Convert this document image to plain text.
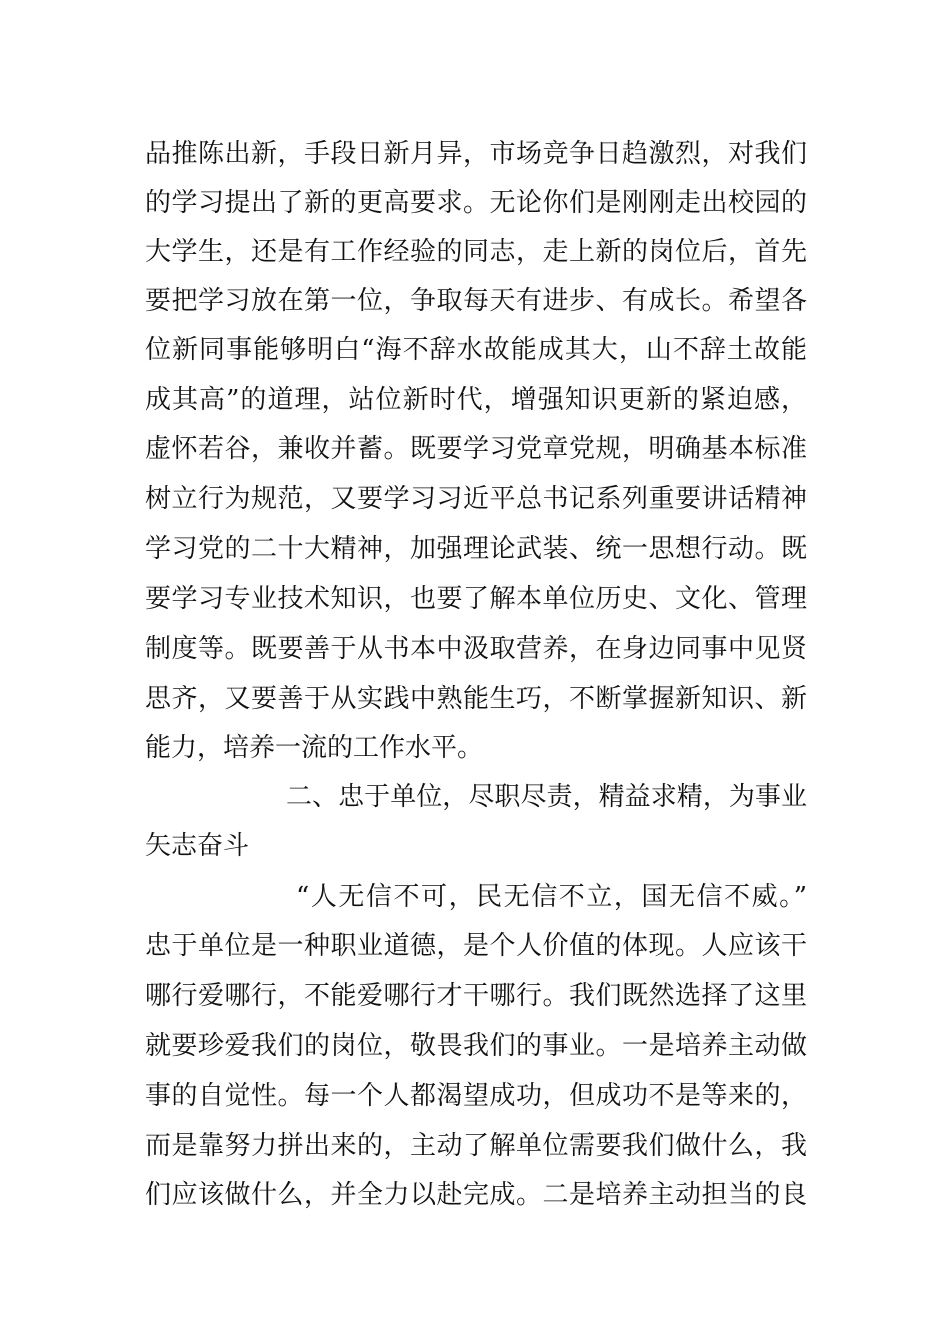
品推陈出新，手段日新月异，市场竞争日趋激烈，对我们
的学习提出了新的更高要求。无论你们是刚刚走出校园的
大学生，还是有工作经验的同志，走上新的岗位后，首先
要把学习放在第一位，争取每天有进步、有成长。希望各
位新同事能够明白“海不辞水故能成其大，山不辞土故能
成其高”的道理，站位新时代，增强知识更新的紧迫感，
虚怀若谷，兼收并蓄。既要学习党章党规，明确基本标准
树立行为规范，又要学习习近平总书记系列重要讲话精神
学习党的二十大精神，加强理论武装、统一思想行动。既
要学习专业技术知识，也要了解本单位历史、文化、管理
制度等。既要善于从书本中汲取营养，在身边同事中见贤
思齐，又要善于从实践中熟能生巧，不断掌握新知识、新
能力，培养一流的工作水平。
二、忠于单位，尽职尽责，精益求精，为事业
矢志奋斗
“人无信不可，民无信不立，国无信不威。”
忠于单位是一种职业道德，是个人价值的体现。人应该干
哪行爱哪行，不能爱哪行才干哪行。我们既然选择了这里
就要珍爱我们的岗位，敬畏我们的事业。一是培养主动做
事的自觉性。每一个人都渴望成功，但成功不是等来的，
而是靠努力拼出来的，主动了解单位需要我们做什么，我
们应该做什么，并全力以赴完成。二是培养主动担当的良
